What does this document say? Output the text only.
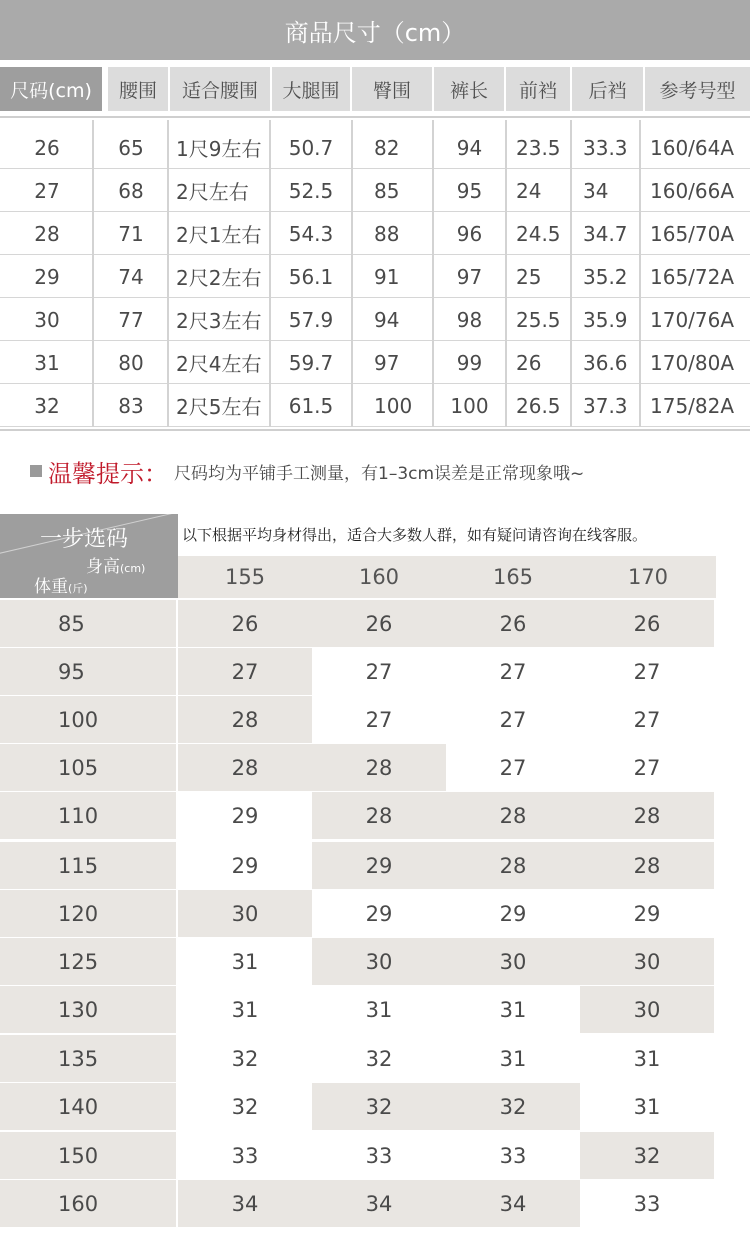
商品尺寸（cm）
尺码(cm)	腰围	适合腰围	大腿围	臀围	裤长	前裆	后裆	参考号型
26	65	1尺9左右	50.7	82	94	23.5	33.3	160/64A
27	68	2尺左右	52.5	85	95	24	34	160/66A
28	71	2尺1左右	54.3	88	96	24.5	34.7	165/70A
29	74	2尺2左右	56.1	91	97	25	35.2	165/72A
30	77	2尺3左右	57.9	94	98	25.5	35.9	170/76A
31	80	2尺4左右	59.7	97	99	26	36.6	170/80A
32	83	2尺5左右	61.5	100	100	26.5	37.3	175/82A
温馨提示： 尺码均为平铺手工测量，有1–3cm误差是正常现象哦~
一步选码
身高(cm)
体重(斤)
以下根据平均身材得出，适合大多数人群，如有疑问请咨询在线客服。
155	160	165	170
85	26	26	26	26
95	27	27	27	27
100	28	27	27	27
105	28	28	27	27
110	29	28	28	28
115	29	29	28	28
120	30	29	29	29
125	31	30	30	30
130	31	31	31	30
135	32	32	31	31
140	32	32	32	31
150	33	33	33	32
160	34	34	34	33
